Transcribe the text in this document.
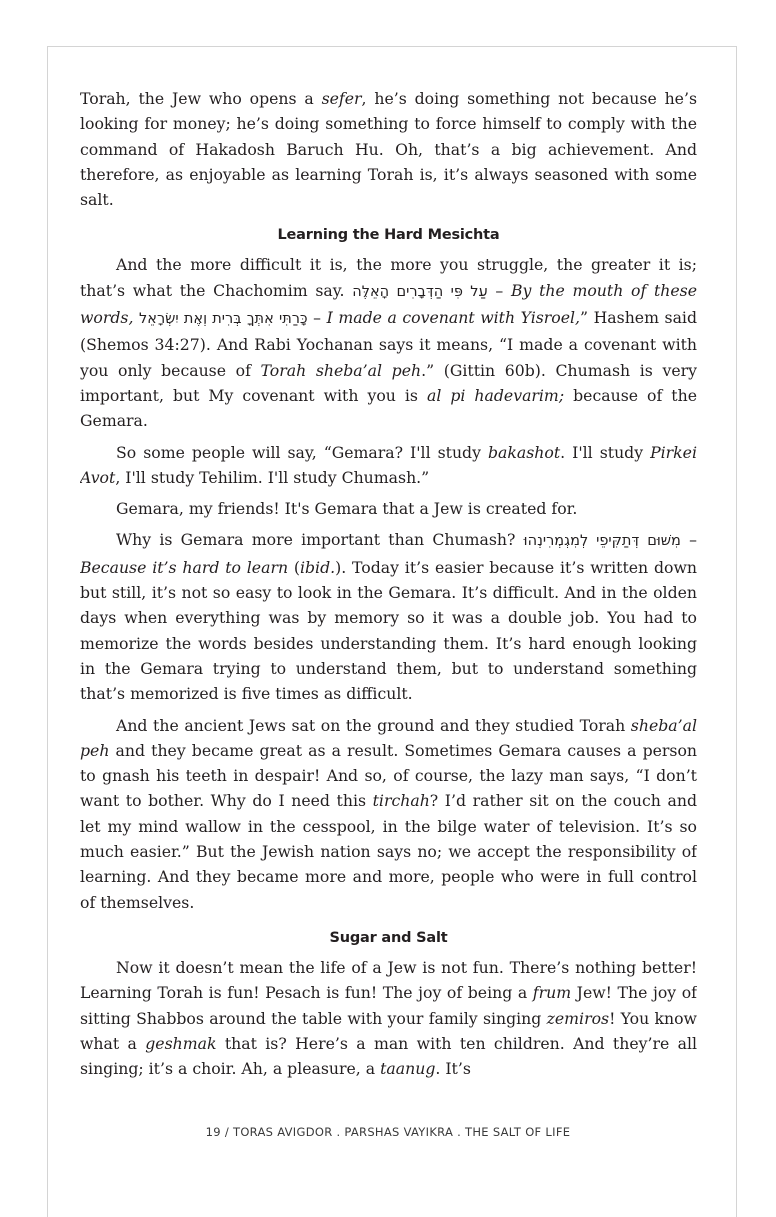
Torah, the Jew who opens a sefer, he’s doing something not because he’s looking for money; he’s doing something to force himself to comply with the command of Hakadosh Baruch Hu. Oh, that’s a big achievement. And therefore, as enjoyable as learning Torah is, it’s always seasoned with some salt.

Learning the Hard Mesichta

And the more difficult it is, the more you struggle, the greater it is; that’s what the Chachomim say. עַל פִּי הַדְּבָרִים הָאֵלֶּה – By the mouth of these words, כָּרַתִּי אִתְּךָ בְּרִית וְאֶת יִשְׂרָאֵל – I made a covenant with Yisroel,” Hashem said (Shemos 34:27). And Rabi Yochanan says it means, “I made a covenant with you only because of Torah sheba’al peh.” (Gittin 60b). Chumash is very important, but My covenant with you is al pi hadevarim; because of the Gemara.

So some people will say, “Gemara? I'll study bakashot. I'll study Pirkei Avot, I'll study Tehilim. I'll study Chumash.”

Gemara, my friends! It's Gemara that a Jew is created for.

Why is Gemara more important than Chumash? מִשּׁוּם דְּתַקִּיפֵי לְמִגְמְרִינְהוּ – Because it’s hard to learn (ibid.). Today it’s easier because it’s written down but still, it’s not so easy to look in the Gemara. It’s difficult. And in the olden days when everything was by memory so it was a double job. You had to memorize the words besides understanding them. It’s hard enough looking in the Gemara trying to understand them, but to understand something that’s memorized is five times as difficult.

And the ancient Jews sat on the ground and they studied Torah sheba’al peh and they became great as a result. Sometimes Gemara causes a person to gnash his teeth in despair! And so, of course, the lazy man says, “I don’t want to bother. Why do I need this tirchah? I’d rather sit on the couch and let my mind wallow in the cesspool, in the bilge water of television. It’s so much easier.” But the Jewish nation says no; we accept the responsibility of learning. And they became more and more, people who were in full control of themselves.

Sugar and Salt

Now it doesn’t mean the life of a Jew is not fun. There’s nothing better! Learning Torah is fun! Pesach is fun! The joy of being a frum Jew! The joy of sitting Shabbos around the table with your family singing zemiros! You know what a geshmak that is? Here’s a man with ten children. And they’re all singing; it’s a choir. Ah, a pleasure, a taanug. It’s

19 / TORAS AVIGDOR . PARSHAS VAYIKRA . THE SALT OF LIFE
